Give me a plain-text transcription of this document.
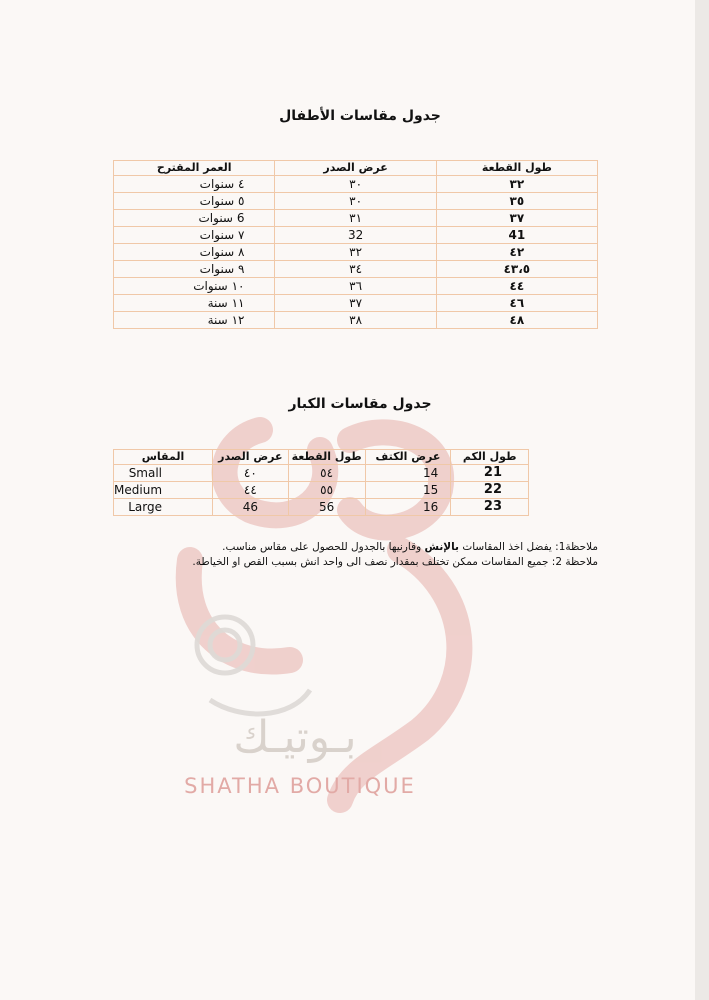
بـوتيـك
SHATHA BOUTIQUE
جدول مقاسات الأطفال
طول القطعة	عرض الصدر	العمر المقترح
٣٢	٣٠	٤ سنوات
٣٥	٣٠	٥ سنوات
٣٧	٣١	6 سنوات
41	32	٧ سنوات
٤٢	٣٢	٨ سنوات
٤٣،٥	٣٤	٩ سنوات
٤٤	٣٦	١٠ سنوات
٤٦	٣٧	١١ سنة
٤٨	٣٨	١٢ سنة
جدول مقاسات الكبار
طول الكم	عرض الكتف	طول القطعة	عرض الصدر	المقاس
21	14	٥٤	٤٠	Small
22	15	٥٥	٤٤	Medium
23	16	56	46	Large

ملاحظة1: يفضل اخذ المقاسات بالإنش وقارنيها بالجدول للحصول على مقاس مناسب.

ملاحظة 2: جميع المقاسات ممكن تختلف بمقدار نصف الى واحد انش بسبب القص او الخياطة.
